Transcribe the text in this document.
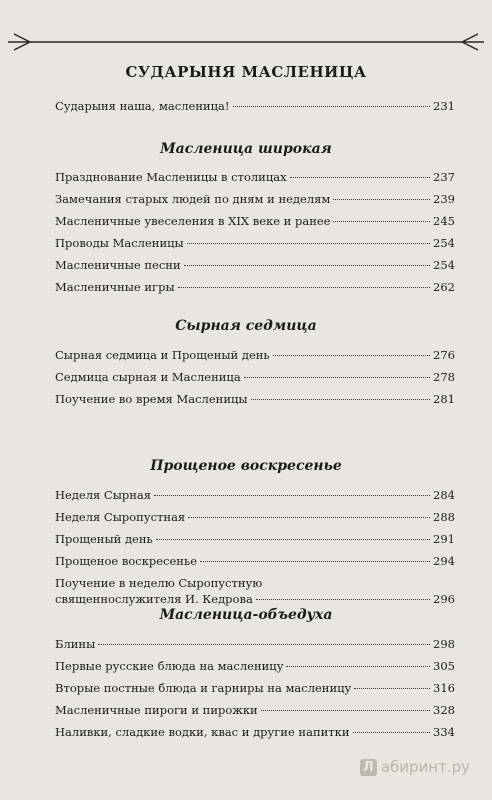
СУДАРЫНЯ МАСЛЕНИЦА
Сударыня наша, масленица!	231
Масленица широкая
Празднование Масленицы в столицах	237
Замечания старых людей по дням и неделям	239
Масленичные увеселения в XIX веке и ранее	245
Проводы Масленицы	254
Масленичные песни	254
Масленичные игры	262
Сырная седмица
Сырная седмица и Прощеный день	276
Седмица сырная и Масленица	278
Поучение во время Масленицы	281
Прощеное воскресенье
Неделя Сырная	284
Неделя Сыропустная	288
Прощеный день	291
Прощеное воскресенье	294
Поучение в неделю Сыропустную
священнослужителя И. Кедрова	296
Масленица-объедуха
Блины	298
Первые русские блюда на масленицу	305
Вторые постные блюда и гарниры на масленицу	316
Масленичные пироги и пирожки	328
Наливки, сладкие водки, квас и другие напитки	334
Л абиринт.ру
